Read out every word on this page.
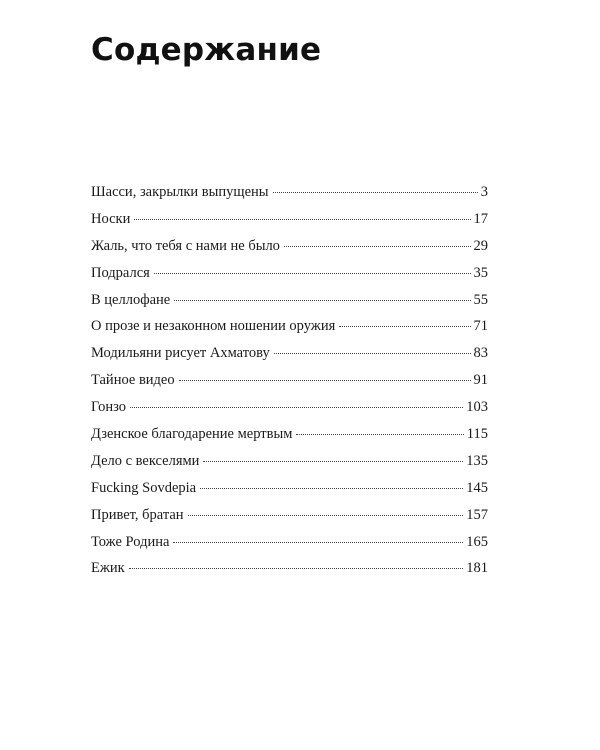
Содержание
Шасси, закрылки выпущены	3
Носки	17
Жаль, что тебя с нами не было	29
Подрался	35
В целлофане	55
О прозе и незаконном ношении оружия	71
Модильяни рисует Ахматову	83
Тайное видео	91
Гонзо	103
Дзенское благодарение мертвым	115
Дело с векселями	135
Fucking Sovdepia	145
Привет, братан	157
Тоже Родина	165
Ежик	181
